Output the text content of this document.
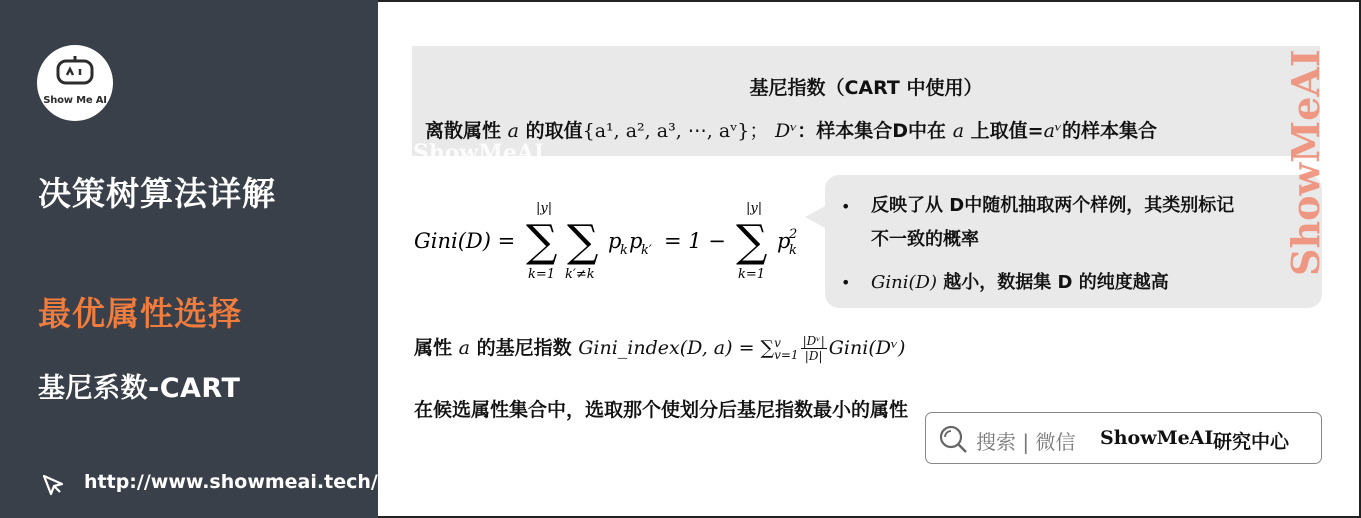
Show Me AI
决策树算法详解
最优属性选择
基尼系数-CART
http://www.showmeai.tech/
基尼指数（CART 中使用）
离散属性 a 的取值{a¹, a², a³, ⋯, aᵛ}； Dᵛ：样本集合D中在 a 上取值=aᵛ的样本集合
ShowMeAI
Gini(D) =
|y|
∑ ∑
k=1 k′≠k
p
k p
k′ = 1 −
|y|
∑
k=1
p
2
k
• 反映了从 D中随机抽取两个样例，其类别标记
不一致的概率
• Gini(D) 越小，数据集 D 的纯度越高
ShowMeAI
属性 a 的基尼指数 Gini_index(D, a) = ∑ v
$v=1 \frac{\text{|Dᵛ|}}{|D|}$ Gini(Dᵛ)
在候选属性集合中，选取那个使划分后基尼指数最小的属性
搜索 | 微信 ShowMeAI 研究中心
